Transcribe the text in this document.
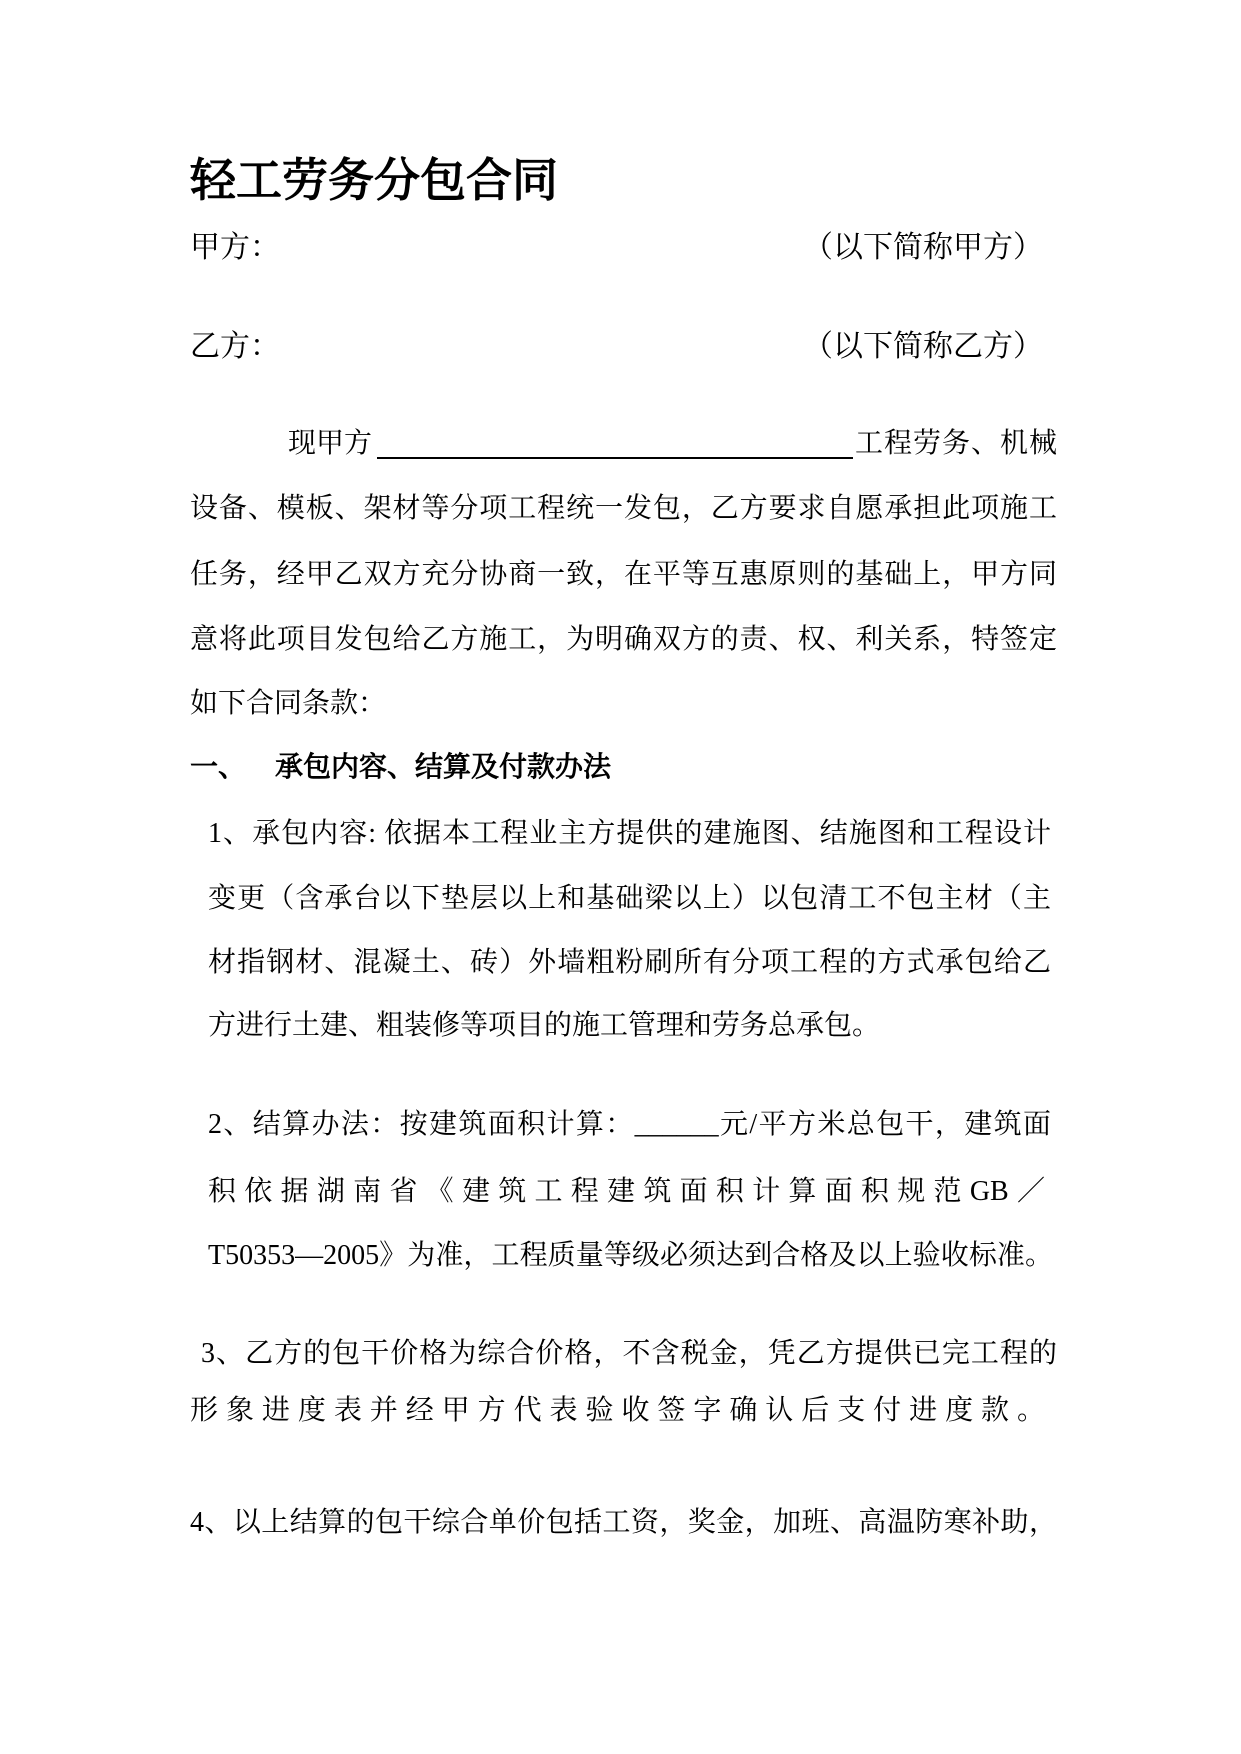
轻工劳务分包合同
甲方：	（以下简称甲方）
乙方：	（以下简称乙方）
现甲方	工程劳务、机械
设备、模板、架材等分项工程统一发包，乙方要求自愿承担此项施工
任务，经甲乙双方充分协商一致，在平等互惠原则的基础上，甲方同
意将此项目发包给乙方施工，为明确双方的责、权、利关系，特签定
如下合同条款：
一、 承包内容、结算及付款办法
1、承包内容: 依据本工程业主方提供的建施图、结施图和工程设计
变更（含承台以下垫层以上和基础梁以上）以包清工不包主材（主
材指钢材、混凝土、砖）外墙粗粉刷所有分项工程的方式承包给乙
方进行土建、粗装修等项目的施工管理和劳务总承包。
2、结算办法：按建筑面积计算：______元/平方米总包干，建筑面
积依据湖南省《建筑工程建筑面积计算面积规范GB／
T50353—2005》为准，工程质量等级必须达到合格及以上验收标准。
3、乙方的包干价格为综合价格，不含税金，凭乙方提供已完工程的
形象进度表并经甲方代表验收签字确认后支付进度款。
4、以上结算的包干综合单价包括工资，奖金，加班、高温防寒补助，
